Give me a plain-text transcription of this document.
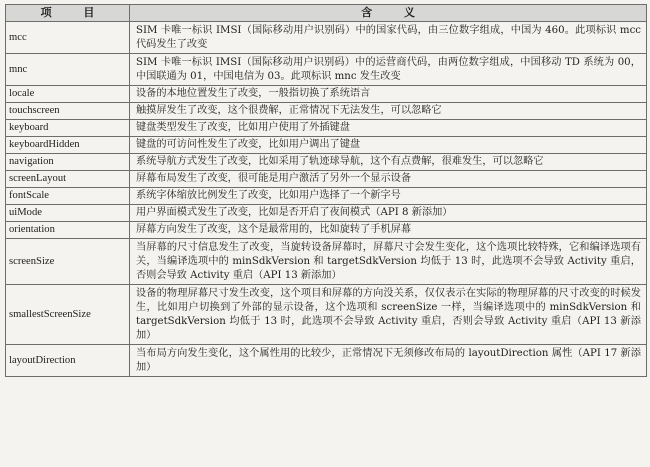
项 目	含 义
mcc	SIM 卡唯一标识 IMSI（国际移动用户识别码）中的国家代码，由三位数字组成，中国为 460。此项标识 mcc 代码发生了改变
mnc	SIM 卡唯一标识 IMSI（国际移动用户识别码）中的运营商代码，由两位数字组成，中国移动 TD 系统为 00，中国联通为 01，中国电信为 03。此项标识 mnc 发生改变
locale	设备的本地位置发生了改变，一般指切换了系统语言
touchscreen	触摸屏发生了改变，这个很费解，正常情况下无法发生，可以忽略它
keyboard	键盘类型发生了改变，比如用户使用了外插键盘
keyboardHidden	键盘的可访问性发生了改变，比如用户调出了键盘
navigation	系统导航方式发生了改变，比如采用了轨迹球导航，这个有点费解，很难发生，可以忽略它
screenLayout	屏幕布局发生了改变，很可能是用户激活了另外一个显示设备
fontScale	系统字体缩放比例发生了改变，比如用户选择了一个新字号
uiMode	用户界面模式发生了改变，比如是否开启了夜间模式（API 8 新添加）
orientation	屏幕方向发生了改变，这个是最常用的，比如旋转了手机屏幕
screenSize	当屏幕的尺寸信息发生了改变，当旋转设备屏幕时，屏幕尺寸会发生变化，这个选项比较特殊，它和编译选项有关，当编译选项中的 minSdkVersion 和 targetSdkVersion 均低于 13 时，此选项不会导致 Activity 重启，否则会导致 Activity 重启（API 13 新添加）
smallestScreenSize	设备的物理屏幕尺寸发生改变，这个项目和屏幕的方向没关系，仅仅表示在实际的物理屏幕的尺寸改变的时候发生，比如用户切换到了外部的显示设备，这个选项和 screenSize 一样，当编译选项中的 minSdkVersion 和 targetSdkVersion 均低于 13 时，此选项不会导致 Activity 重启，否则会导致 Activity 重启（API 13 新添加）
layoutDirection	当布局方向发生变化，这个属性用的比较少，正常情况下无须修改布局的 layoutDirection 属性（API 17 新添加）
